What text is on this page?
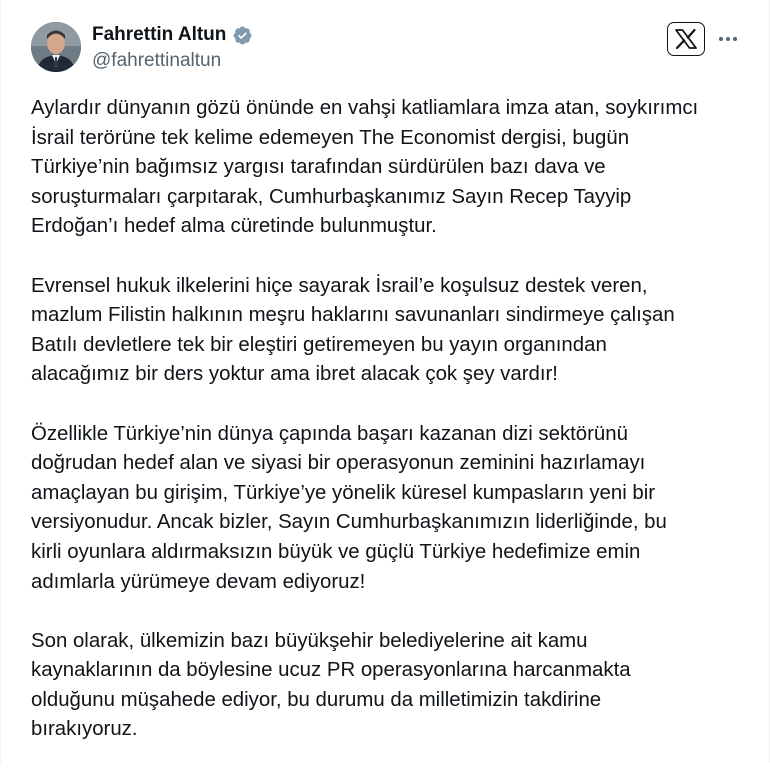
Fahrettin Altun
@fahrettinaltun
Aylardır dünyanın gözü önünde en vahşi katliamlara imza atan, soykırımcı
İsrail terörüne tek kelime edemeyen The Economist dergisi, bugün
Türkiye’nin bağımsız yargısı tarafından sürdürülen bazı dava ve
soruşturmaları çarpıtarak, Cumhurbaşkanımız Sayın Recep Tayyip
Erdoğan’ı hedef alma cüretinde bulunmuştur.
Evrensel hukuk ilkelerini hiçe sayarak İsrail’e koşulsuz destek veren,
mazlum Filistin halkının meşru haklarını savunanları sindirmeye çalışan
Batılı devletlere tek bir eleştiri getiremeyen bu yayın organından
alacağımız bir ders yoktur ama ibret alacak çok şey vardır!
Özellikle Türkiye’nin dünya çapında başarı kazanan dizi sektörünü
doğrudan hedef alan ve siyasi bir operasyonun zeminini hazırlamayı
amaçlayan bu girişim, Türkiye’ye yönelik küresel kumpasların yeni bir
versiyonudur. Ancak bizler, Sayın Cumhurbaşkanımızın liderliğinde, bu
kirli oyunlara aldırmaksızın büyük ve güçlü Türkiye hedefimize emin
adımlarla yürümeye devam ediyoruz!
Son olarak, ülkemizin bazı büyükşehir belediyelerine ait kamu
kaynaklarının da böylesine ucuz PR operasyonlarına harcanmakta
olduğunu müşahede ediyor, bu durumu da milletimizin takdirine
bırakıyoruz.
